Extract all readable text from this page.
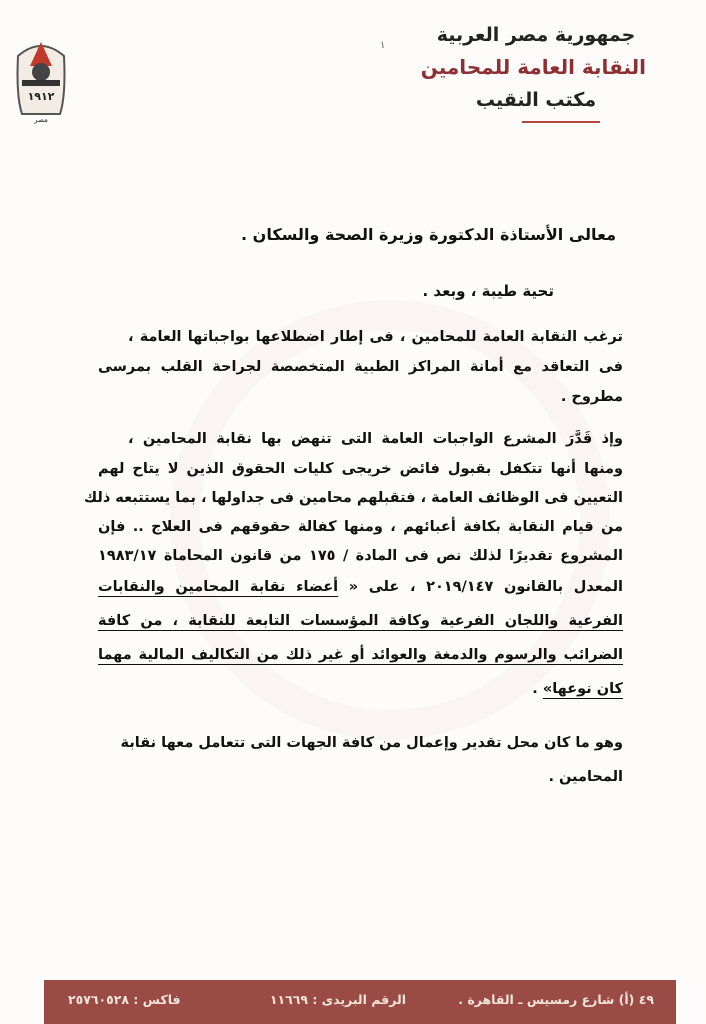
١٩١٢
مصر
جمهورية مصر العربية
النقابة العامة للمحامين
مكتب النقيب
١
معالى الأستاذة الدكتورة وزيرة الصحة والسكان .
تحية طيبة ، وبعد .
ترغب النقابة العامة للمحامين ، فى إطار اضطلاعها بواجباتها العامة ،
فى التعاقد مع أمانة المراكز الطبية المتخصصة لجراحة القلب بمرسى
مطروح .
وإذ قَدَّرَ المشرع الواجبات العامة التى تنهض بها نقابة المحامين ،
ومنها أنها تتكفل بقبول فائض خريجى كليات الحقوق الذين لا يتاح لهم
التعيين فى الوظائف العامة ، فتقبلهم محامين فى جداولها ، بما يستتبعه ذلك
من قيام النقابة بكافة أعبائهم ، ومنها كفالة حقوقهم فى العلاج .. فإن
المشروع تقديرًا لذلك نص فى المادة / ١٧٥ من قانون المحاماة ١٩٨٣/١٧
المعدل بالقانون ٢٠١٩/١٤٧ ، على « أعضاء نقابة المحامين والنقابات
الفرعية واللجان الفرعية وكافة المؤسسات التابعة للنقابة ، من كافة
الضرائب والرسوم والدمغة والعوائد أو غير ذلك من التكاليف المالية مهما
كان نوعها» .
وهو ما كان محل تقدير وإعمال من كافة الجهات التى تتعامل معها نقابة
المحامين .
٤٩ (أ) شارع رمسيس ـ القاهرة .
الرقم البريدى : ١١٦٦٩
فاكس : ٢٥٧٦٠٥٢٨
